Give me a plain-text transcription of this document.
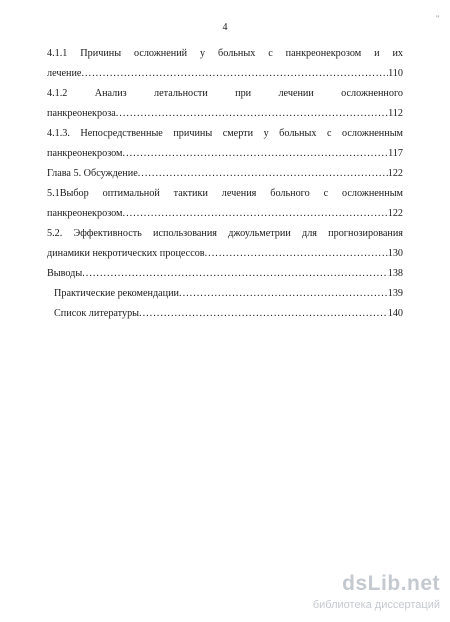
"
4
4.1.1 Причины осложнений у больных с панкреонекрозом и их
лечение .....	110
4.1.2 Анализ летальности при лечении осложненного
панкреонекроза .....	112
4.1.3. Непосредственные причины смерти у больных с осложненным
панкреонекрозом .....	117
Глава 5. Обсуждение .....	122
5.1Выбор оптимальной тактики лечения больного с осложненным
панкреонекрозом .....	122
5.2. Эффективность использования джоульметрии для прогнозирования
динамики некротических процессов .....	130
Выводы .....	138
Практические рекомендации .....	139
Список литературы .....	140
dsLib.net
библиотека диссертаций
